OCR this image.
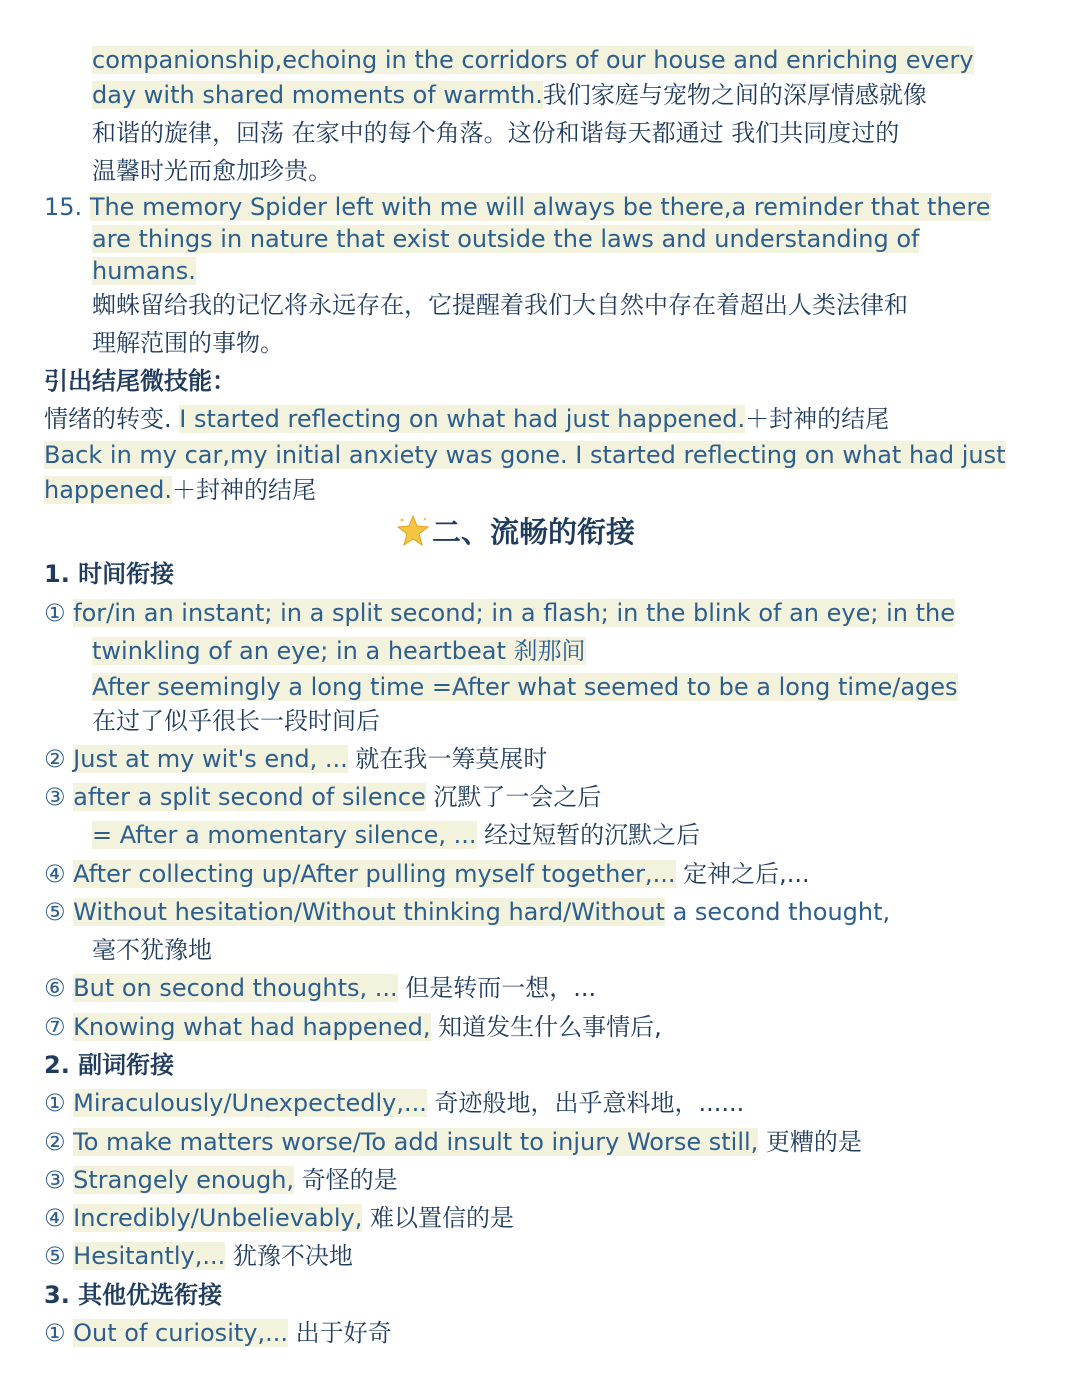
companionship,echoing in the corridors of our house and enriching every
day with shared moments of warmth.我们家庭与宠物之间的深厚情感就像
和谐的旋律，回荡 在家中的每个角落。这份和谐每天都通过 我们共同度过的
温馨时光而愈加珍贵。
15. The memory Spider left with me will always be there,a reminder that there
are things in nature that exist outside the laws and understanding of
humans.
蜘蛛留给我的记忆将永远存在，它提醒着我们大自然中存在着超出人类法律和
理解范围的事物。
引出结尾微技能：
情绪的转变. I started reflecting on what had just happened.＋封神的结尾
Back in my car,my initial anxiety was gone. I started reflecting on what had just
happened.＋封神的结尾
二、流畅的衔接
1. 时间衔接
① for/in an instant; in a split second; in a flash; in the blink of an eye; in the
twinkling of an eye; in a heartbeat 刹那间
After seemingly a long time =After what seemed to be a long time/ages
在过了似乎很长一段时间后
② Just at my wit's end, ... 就在我一筹莫展时
③ after a split second of silence 沉默了一会之后
= After a momentary silence, ... 经过短暂的沉默之后
④ After collecting up/After pulling myself together,... 定神之后,...
⑤ Without hesitation/Without thinking hard/Without a second thought,
毫不犹豫地
⑥ But on second thoughts, ... 但是转而一想，...
⑦ Knowing what had happened, 知道发生什么事情后,
2. 副词衔接
① Miraculously/Unexpectedly,... 奇迹般地，出乎意料地，......
② To make matters worse/To add insult to injury Worse still, 更糟的是
③ Strangely enough, 奇怪的是
④ Incredibly/Unbelievably, 难以置信的是
⑤ Hesitantly,... 犹豫不决地
3. 其他优选衔接
① Out of curiosity,... 出于好奇
